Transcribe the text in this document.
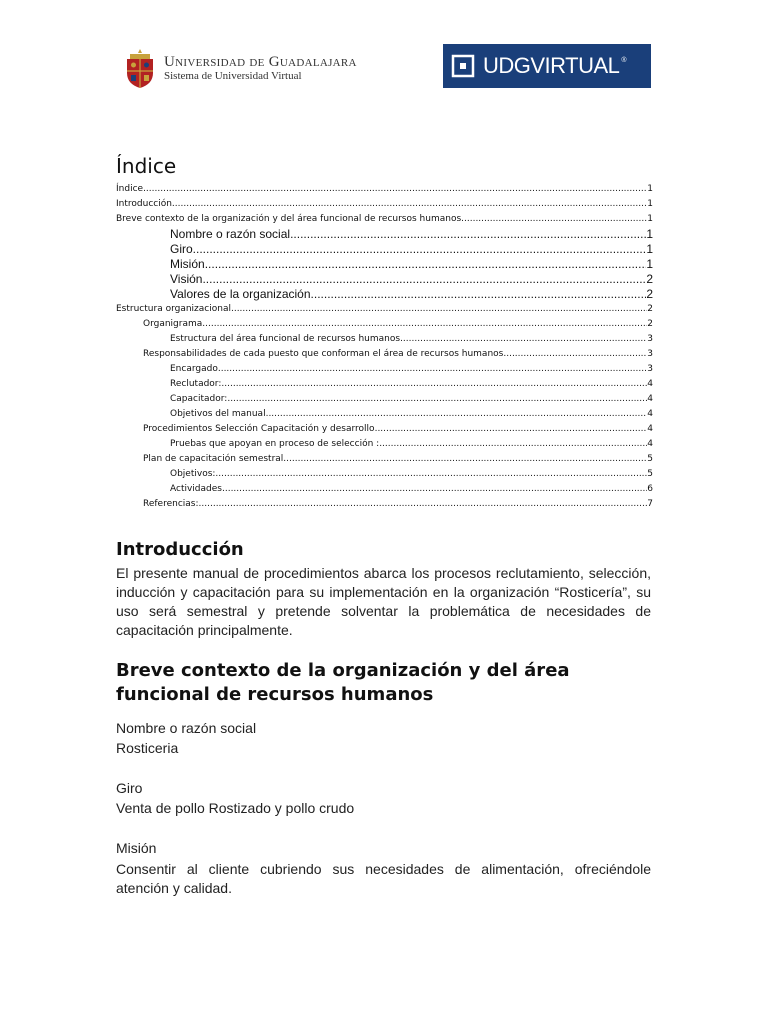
Universidad de Guadalajara
Sistema de Universidad Virtual	UDGVIRTUAL ®
Índice
Índice .....	1
Introducción .....	1
Breve contexto de la organización y del área funcional de recursos humanos .....	1
Nombre o razón social .....	1
Giro .....	1
Misión .....	1
Visión .....	2
Valores de la organización .....	2
Estructura organizacional .....	2
Organigrama .....	2
Estructura del área funcional de recursos humanos .....	3
Responsabilidades de cada puesto que conforman el área de recursos humanos .....	3
Encargado .....	3
Reclutador: .....	4
Capacitador: .....	4
Objetivos del manual .....	4
Procedimientos Selección Capacitación y desarrollo .....	4
Pruebas que apoyan en proceso de selección : .....	4
Plan de capacitación semestral .....	5
Objetivos: .....	5
Actividades .....	6
Referencias: .....	7
Introducción

El presente manual de procedimientos abarca los procesos reclutamiento, selección, inducción y capacitación para su implementación en la organización “Rosticería”, su uso será semestral y pretende solventar la problemática de necesidades de capacitación principalmente.

Breve contexto de la organización y del área funcional de recursos humanos

Nombre o razón social

Rosticeria

Giro

Venta de pollo Rostizado y pollo crudo

Misión

Consentir al cliente cubriendo sus necesidades de alimentación, ofreciéndole atención y calidad.
